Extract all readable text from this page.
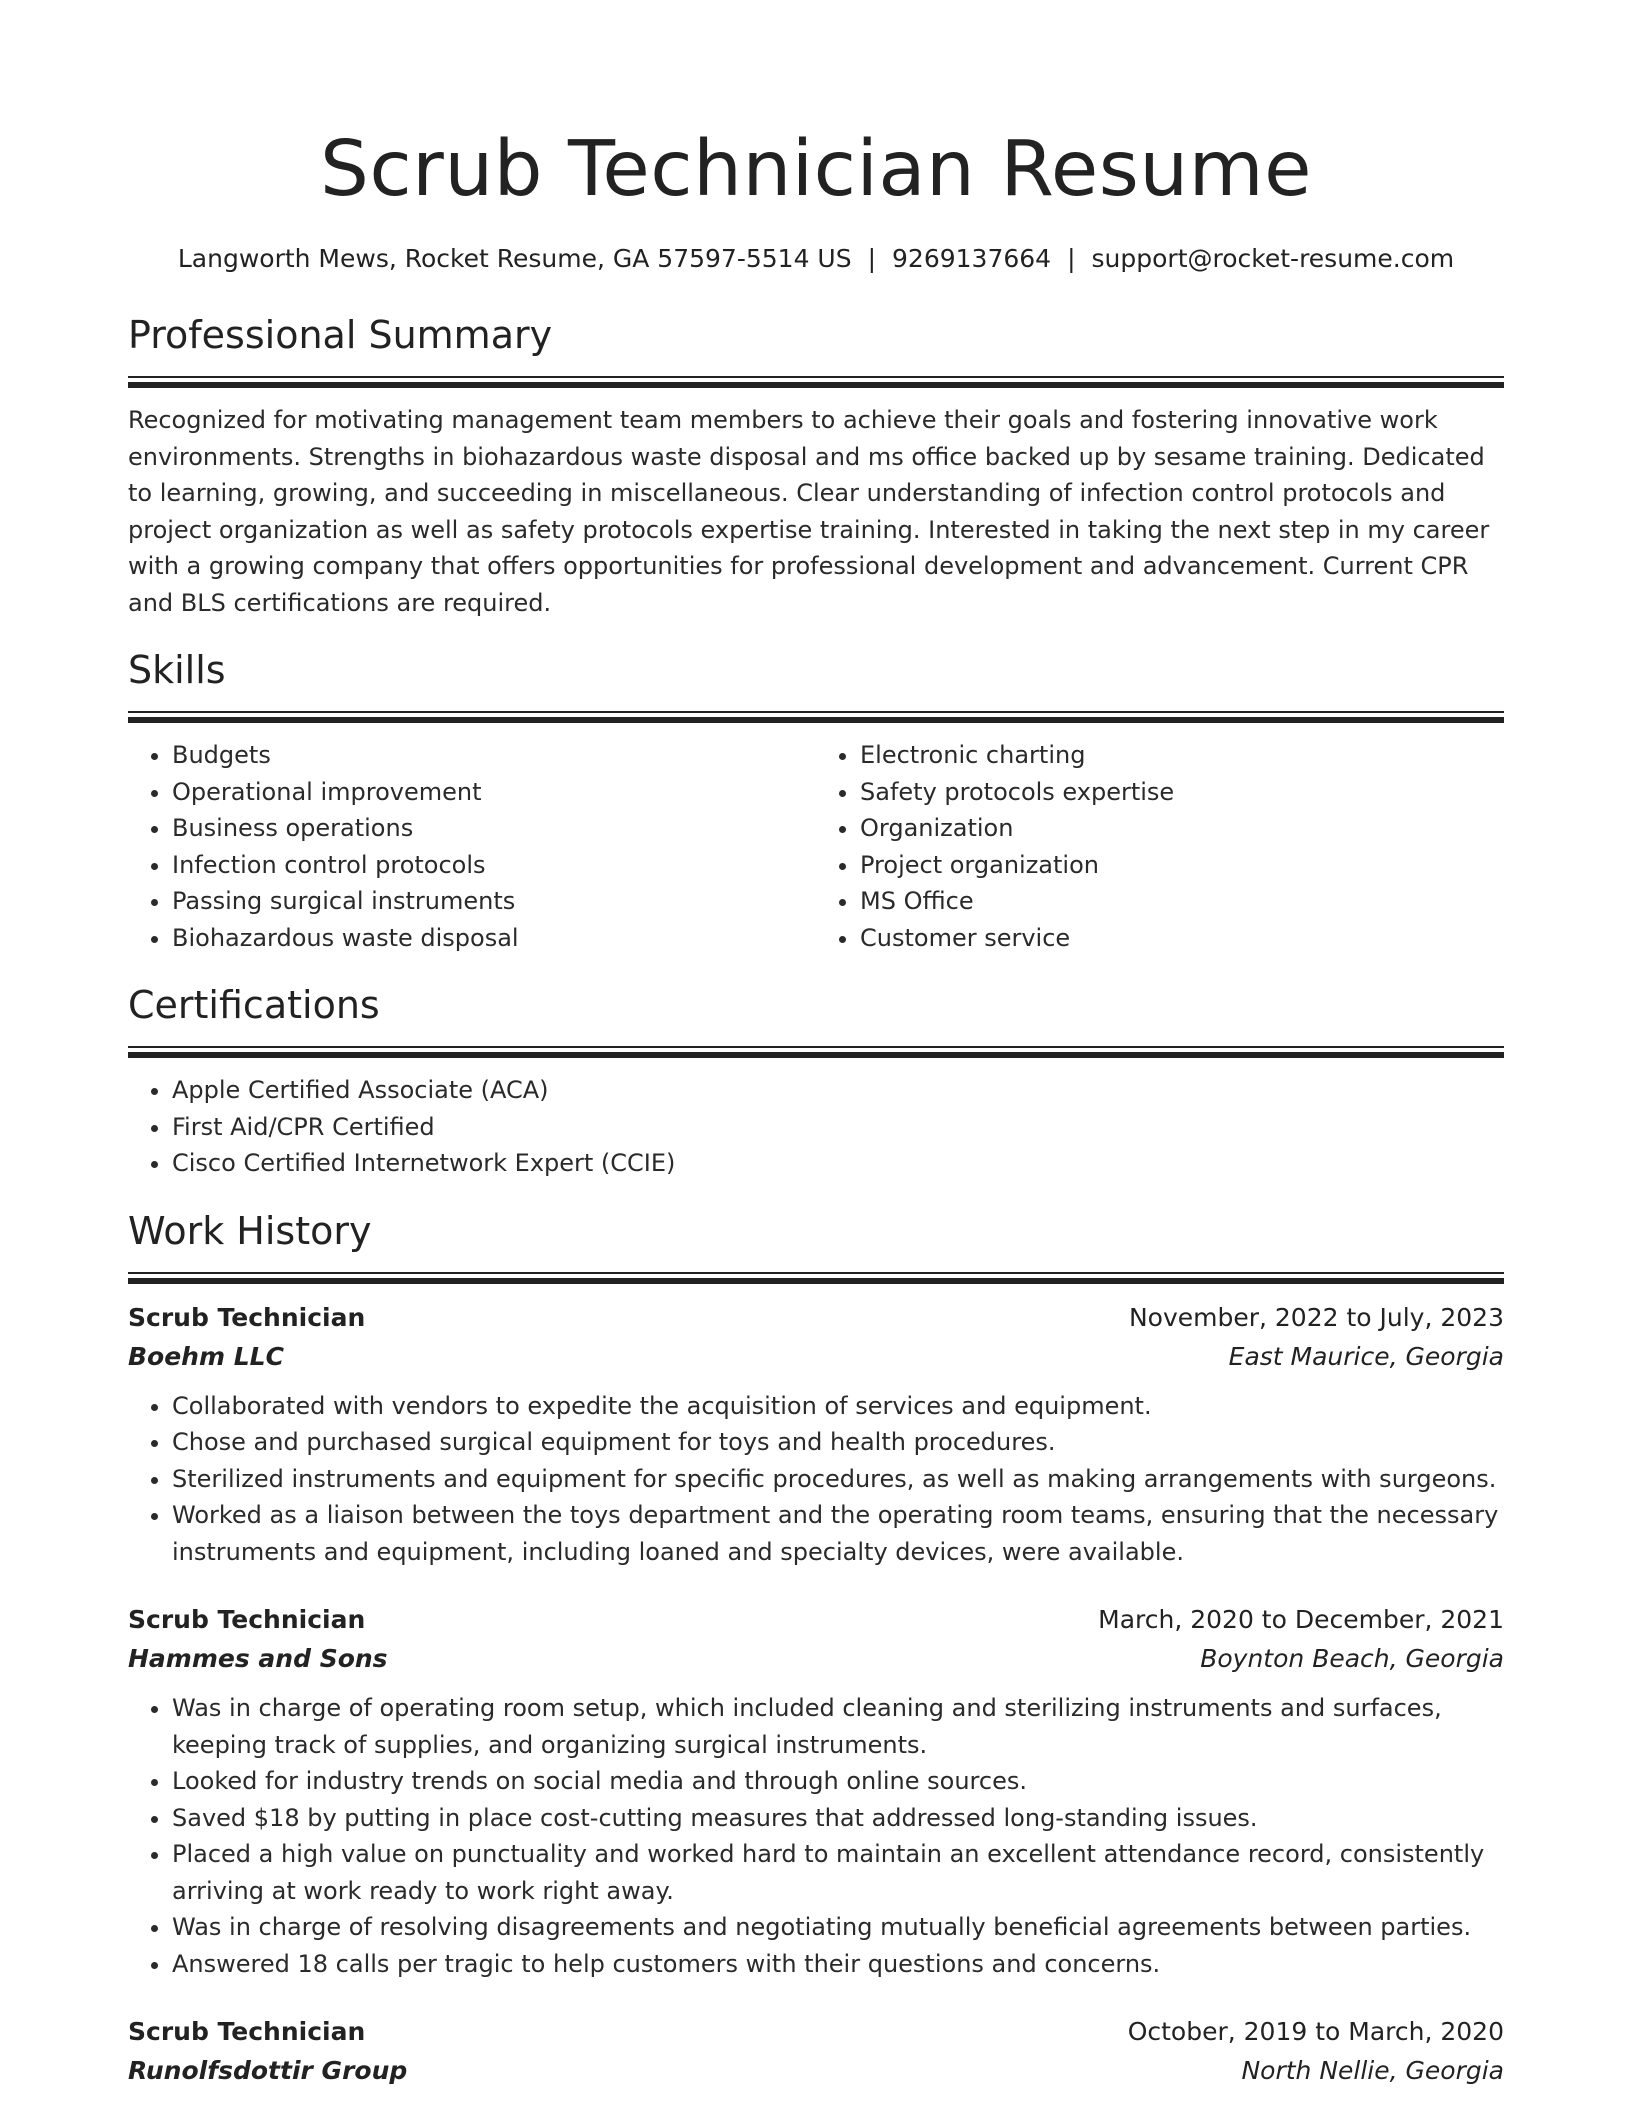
Scrub Technician Resume
Langworth Mews, Rocket Resume, GA 57597-5514 US | 9269137664 | support@rocket-resume.com
Professional Summary
Recognized for motivating management team members to achieve their goals and fostering innovative work environments. Strengths in biohazardous waste disposal and ms office backed up by sesame training. Dedicated to learning, growing, and succeeding in miscellaneous. Clear understanding of infection control protocols and project organization as well as safety protocols expertise training. Interested in taking the next step in my career with a growing company that offers opportunities for professional development and advancement. Current CPR and BLS certifications are required.
Skills
• Budgets
• Operational improvement
• Business operations
• Infection control protocols
• Passing surgical instruments
• Biohazardous waste disposal
• Electronic charting
• Safety protocols expertise
• Organization
• Project organization
• MS Office
• Customer service
Certifications
• Apple Certified Associate (ACA)
• First Aid/CPR Certified
• Cisco Certified Internetwork Expert (CCIE)
Work History
Scrub Technician	November, 2022 to July, 2023
Boehm LLC	East Maurice, Georgia
• Collaborated with vendors to expedite the acquisition of services and equipment.
• Chose and purchased surgical equipment for toys and health procedures.
• Sterilized instruments and equipment for specific procedures, as well as making arrangements with surgeons.
• Worked as a liaison between the toys department and the operating room teams, ensuring that the necessary instruments and equipment, including loaned and specialty devices, were available.
Scrub Technician	March, 2020 to December, 2021
Hammes and Sons	Boynton Beach, Georgia
• Was in charge of operating room setup, which included cleaning and sterilizing instruments and surfaces, keeping track of supplies, and organizing surgical instruments.
• Looked for industry trends on social media and through online sources.
• Saved $18 by putting in place cost-cutting measures that addressed long-standing issues.
• Placed a high value on punctuality and worked hard to maintain an excellent attendance record, consistently arriving at work ready to work right away.
• Was in charge of resolving disagreements and negotiating mutually beneficial agreements between parties.
• Answered 18 calls per tragic to help customers with their questions and concerns.
Scrub Technician	October, 2019 to March, 2020
Runolfsdottir Group	North Nellie, Georgia
